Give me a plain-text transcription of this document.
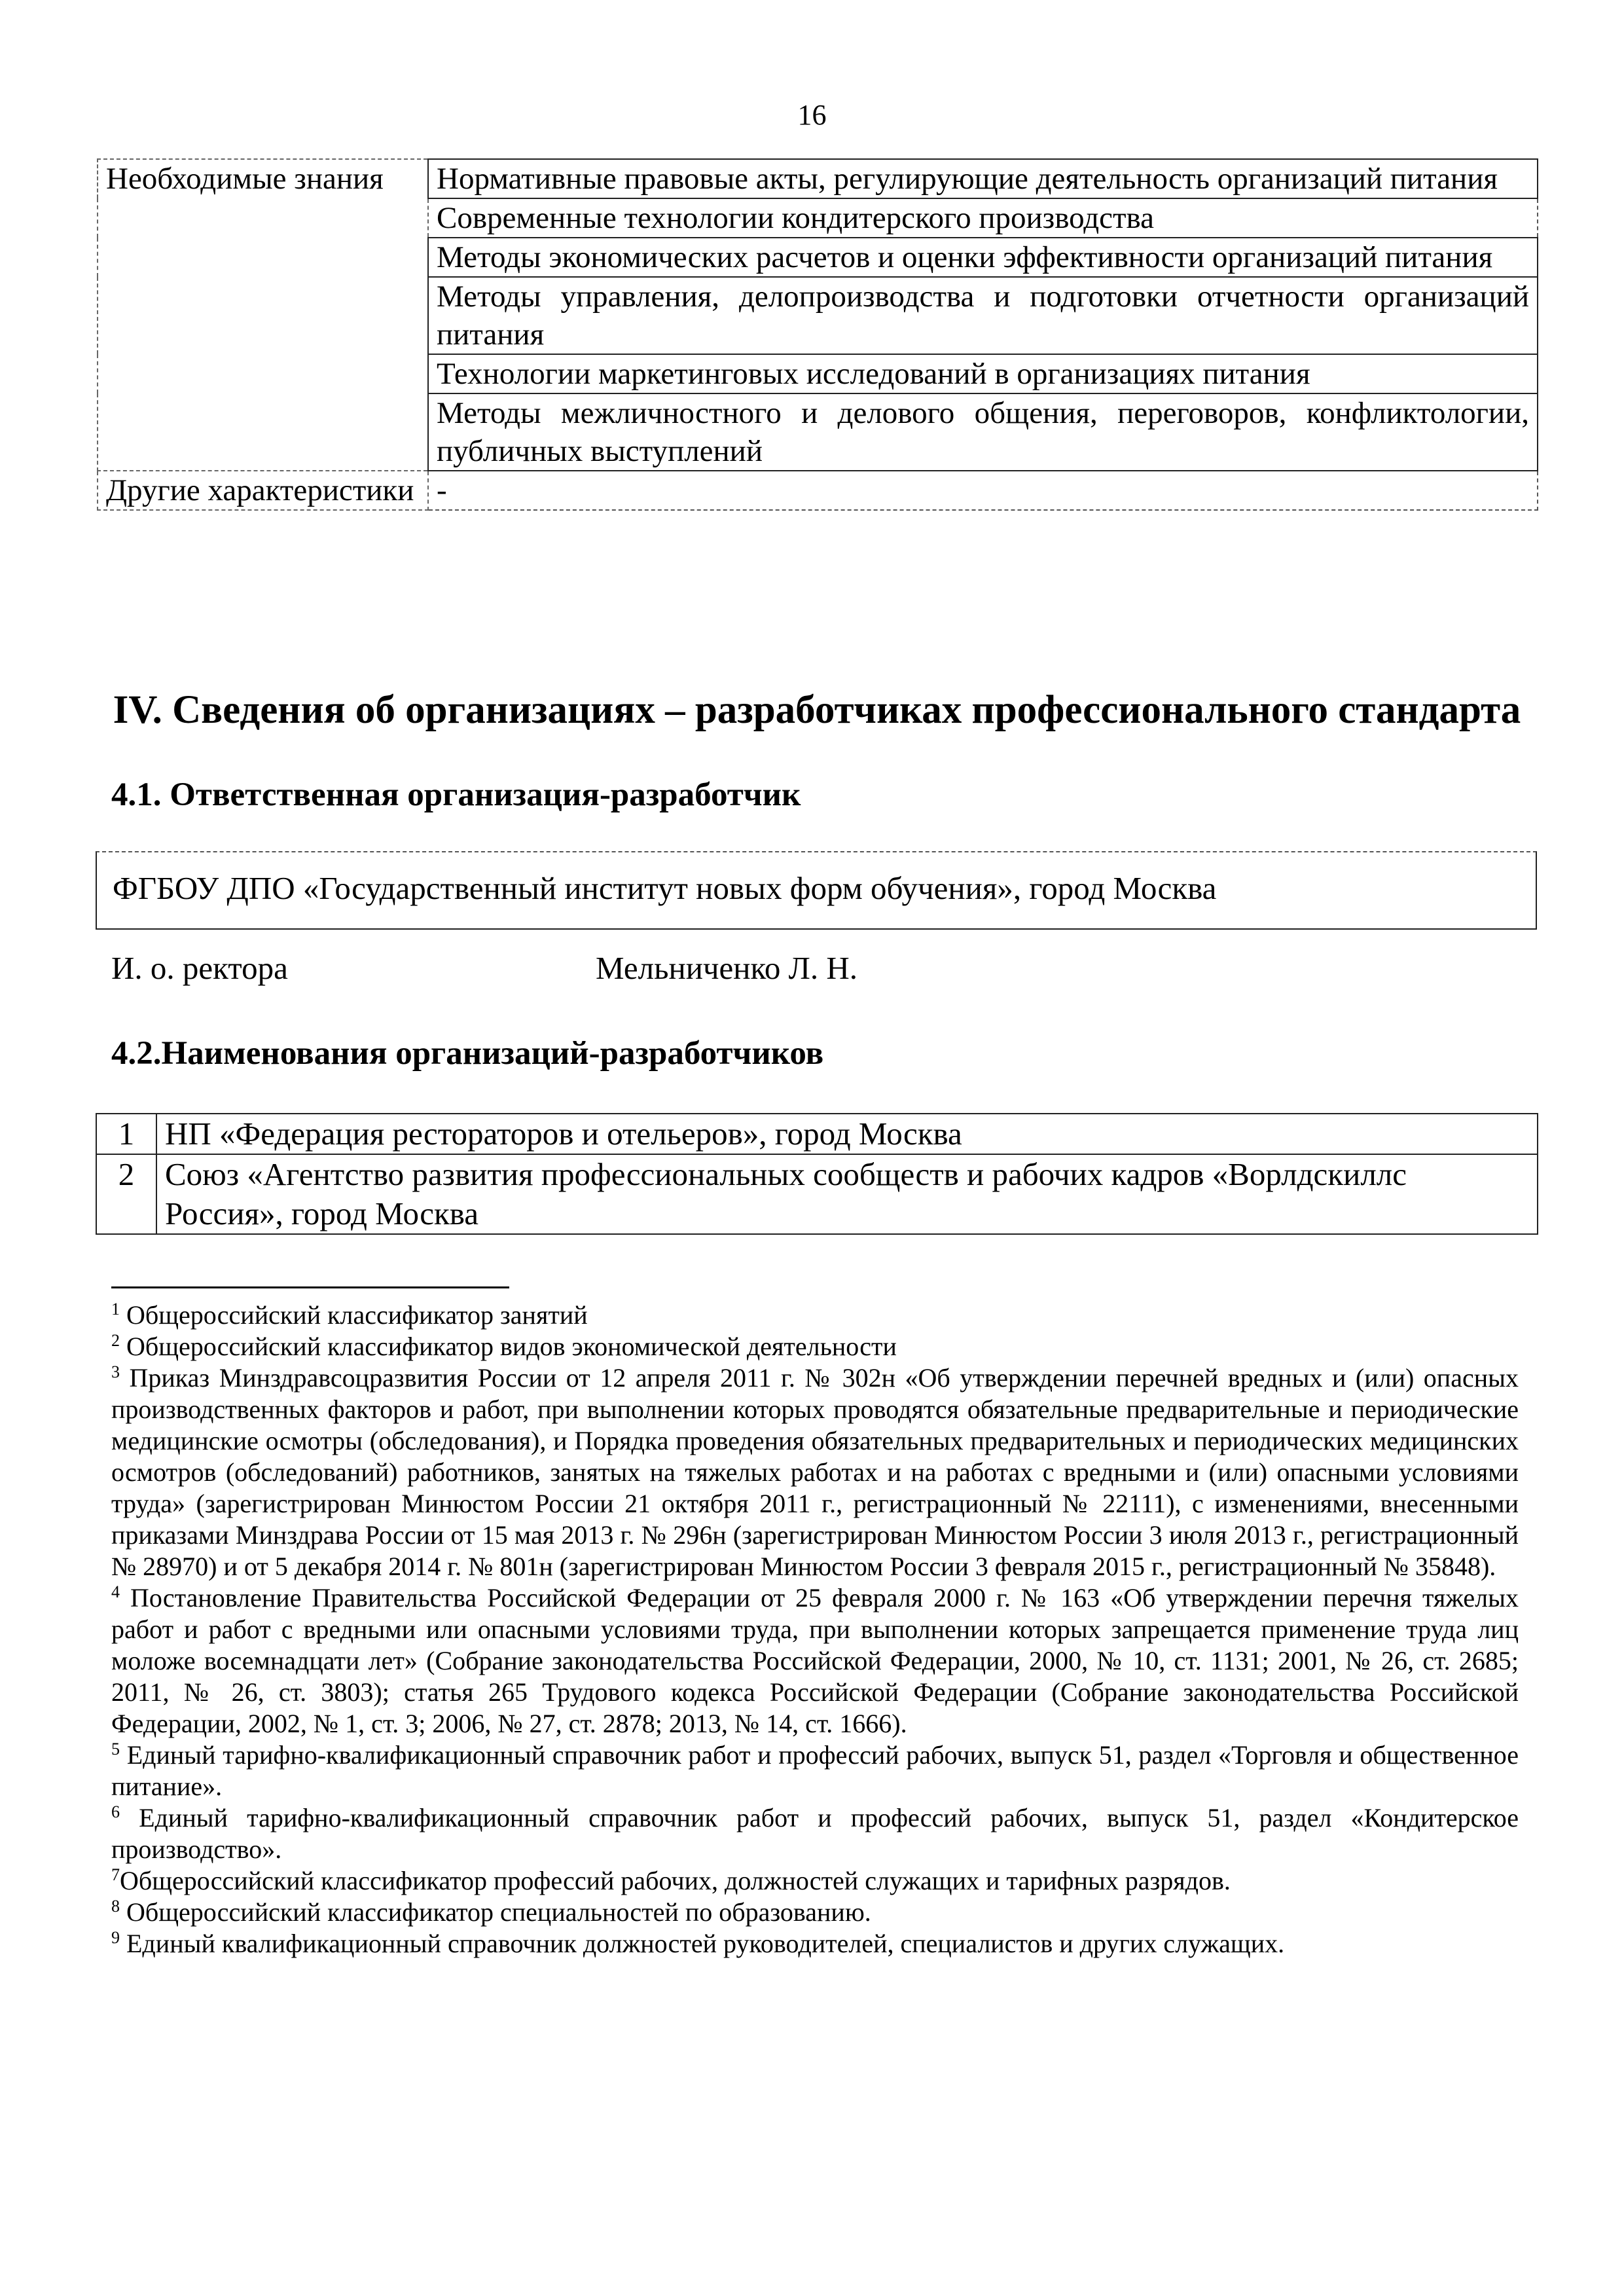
16
Необходимые знания	Нормативные правовые акты, регулирующие деятельность организаций питания
	Современные технологии кондитерского производства
	Методы экономических расчетов и оценки эффективности организаций питания
	Методы управления, делопроизводства и подготовки отчетности организаций питания
	Технологии маркетинговых исследований в организациях питания
	Методы межличностного и делового общения, переговоров, конфликтологии, публичных выступлений
Другие характеристики	-
IV. Сведения об организациях – разработчиках профессионального стандарта
4.1. Ответственная организация-разработчик
ФГБОУ ДПО «Государственный институт новых форм обучения», город Москва
И. о. ректора	Мельниченко Л. Н.
4.2.Наименования организаций-разработчиков
1	НП «Федерация рестораторов и отельеров», город Москва
2	Союз «Агентство развития профессиональных сообществ и рабочих кадров «Ворлдскиллс Россия», город Москва

$^1$ Общероссийский классификатор занятий

$^2$ Общероссийский классификатор видов экономической деятельности

$^3$ Приказ Минздравсоцразвития России от 12 апреля 2011 г. № 302н «Об утверждении перечней вредных и (или) опасных производственных факторов и работ, при выполнении которых проводятся обязательные предварительные и периодические медицинские осмотры (обследования), и Порядка проведения обязательных предварительных и периодических медицинских осмотров (обследований) работников, занятых на тяжелых работах и на работах с вредными и (или) опасными условиями труда» (зарегистрирован Минюстом России 21 октября 2011 г., регистрационный № 22111), с изменениями, внесенными приказами Минздрава России от 15 мая 2013 г. № 296н (зарегистрирован Минюстом России 3 июля 2013 г., регистрационный № 28970) и от 5 декабря 2014 г. № 801н (зарегистрирован Минюстом России 3 февраля 2015 г., регистрационный № 35848).

$^4$ Постановление Правительства Российской Федерации от 25 февраля 2000 г. № 163 «Об утверждении перечня тяжелых работ и работ с вредными или опасными условиями труда, при выполнении которых запрещается применение труда лиц моложе восемнадцати лет» (Собрание законодательства Российской Федерации, 2000, № 10, ст. 1131; 2001, № 26, ст. 2685; 2011, № 26, ст. 3803); статья 265 Трудового кодекса Российской Федерации (Собрание законодательства Российской Федерации, 2002, № 1, ст. 3; 2006, № 27, ст. 2878; 2013, № 14, ст. 1666).

$^5$ Единый тарифно-квалификационный справочник работ и профессий рабочих, выпуск 51, раздел «Торговля и общественное питание».

$^6$ Единый тарифно-квалификационный справочник работ и профессий рабочих, выпуск 51, раздел «Кондитерское производство».

$^7$Общероссийский классификатор профессий рабочих, должностей служащих и тарифных разрядов.

$^8$ Общероссийский классификатор специальностей по образованию.

$^9$ Единый квалификационный справочник должностей руководителей, специалистов и других служащих.
